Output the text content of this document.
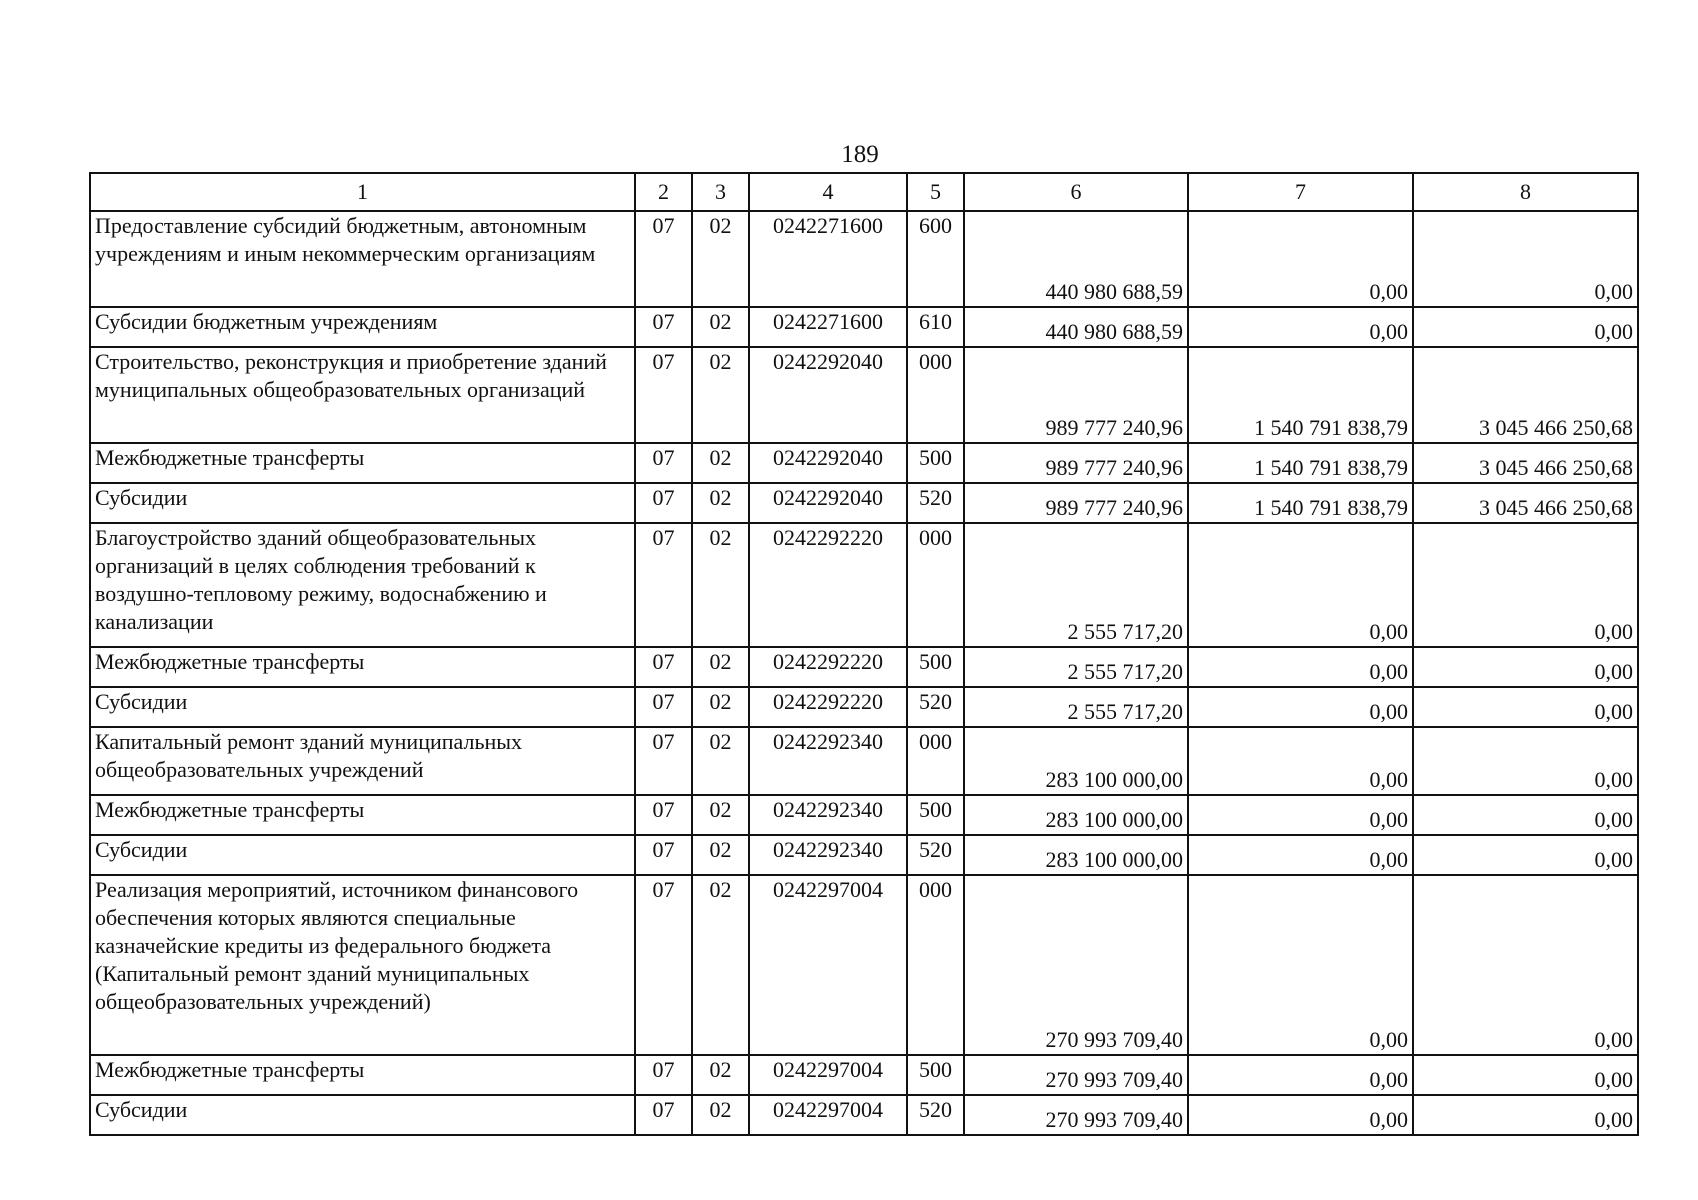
189
1	2	3	4	5	6	7	8
Предоставление субсидий бюджетным, автономным учреждениям и иным некоммерческим организациям	07	02	0242271600	600	440 980 688,59	0,00	0,00
Субсидии бюджетным учреждениям	07	02	0242271600	610	440 980 688,59	0,00	0,00
Строительство, реконструкция и приобретение зданий муниципальных общеобразовательных организаций	07	02	0242292040	000	989 777 240,96	1 540 791 838,79	3 045 466 250,68
Межбюджетные трансферты	07	02	0242292040	500	989 777 240,96	1 540 791 838,79	3 045 466 250,68
Субсидии	07	02	0242292040	520	989 777 240,96	1 540 791 838,79	3 045 466 250,68
Благоустройство зданий общеобразовательных организаций в целях соблюдения требований к воздушно-тепловому режиму, водоснабжению и канализации	07	02	0242292220	000	2 555 717,20	0,00	0,00
Межбюджетные трансферты	07	02	0242292220	500	2 555 717,20	0,00	0,00
Субсидии	07	02	0242292220	520	2 555 717,20	0,00	0,00
Капитальный ремонт зданий муниципальных общеобразовательных учреждений	07	02	0242292340	000	283 100 000,00	0,00	0,00
Межбюджетные трансферты	07	02	0242292340	500	283 100 000,00	0,00	0,00
Субсидии	07	02	0242292340	520	283 100 000,00	0,00	0,00
Реализация мероприятий, источником финансового обеспечения которых являются специальные казначейские кредиты из федерального бюджета (Капитальный ремонт зданий муниципальных общеобразовательных учреждений)	07	02	0242297004	000	270 993 709,40	0,00	0,00
Межбюджетные трансферты	07	02	0242297004	500	270 993 709,40	0,00	0,00
Субсидии	07	02	0242297004	520	270 993 709,40	0,00	0,00
